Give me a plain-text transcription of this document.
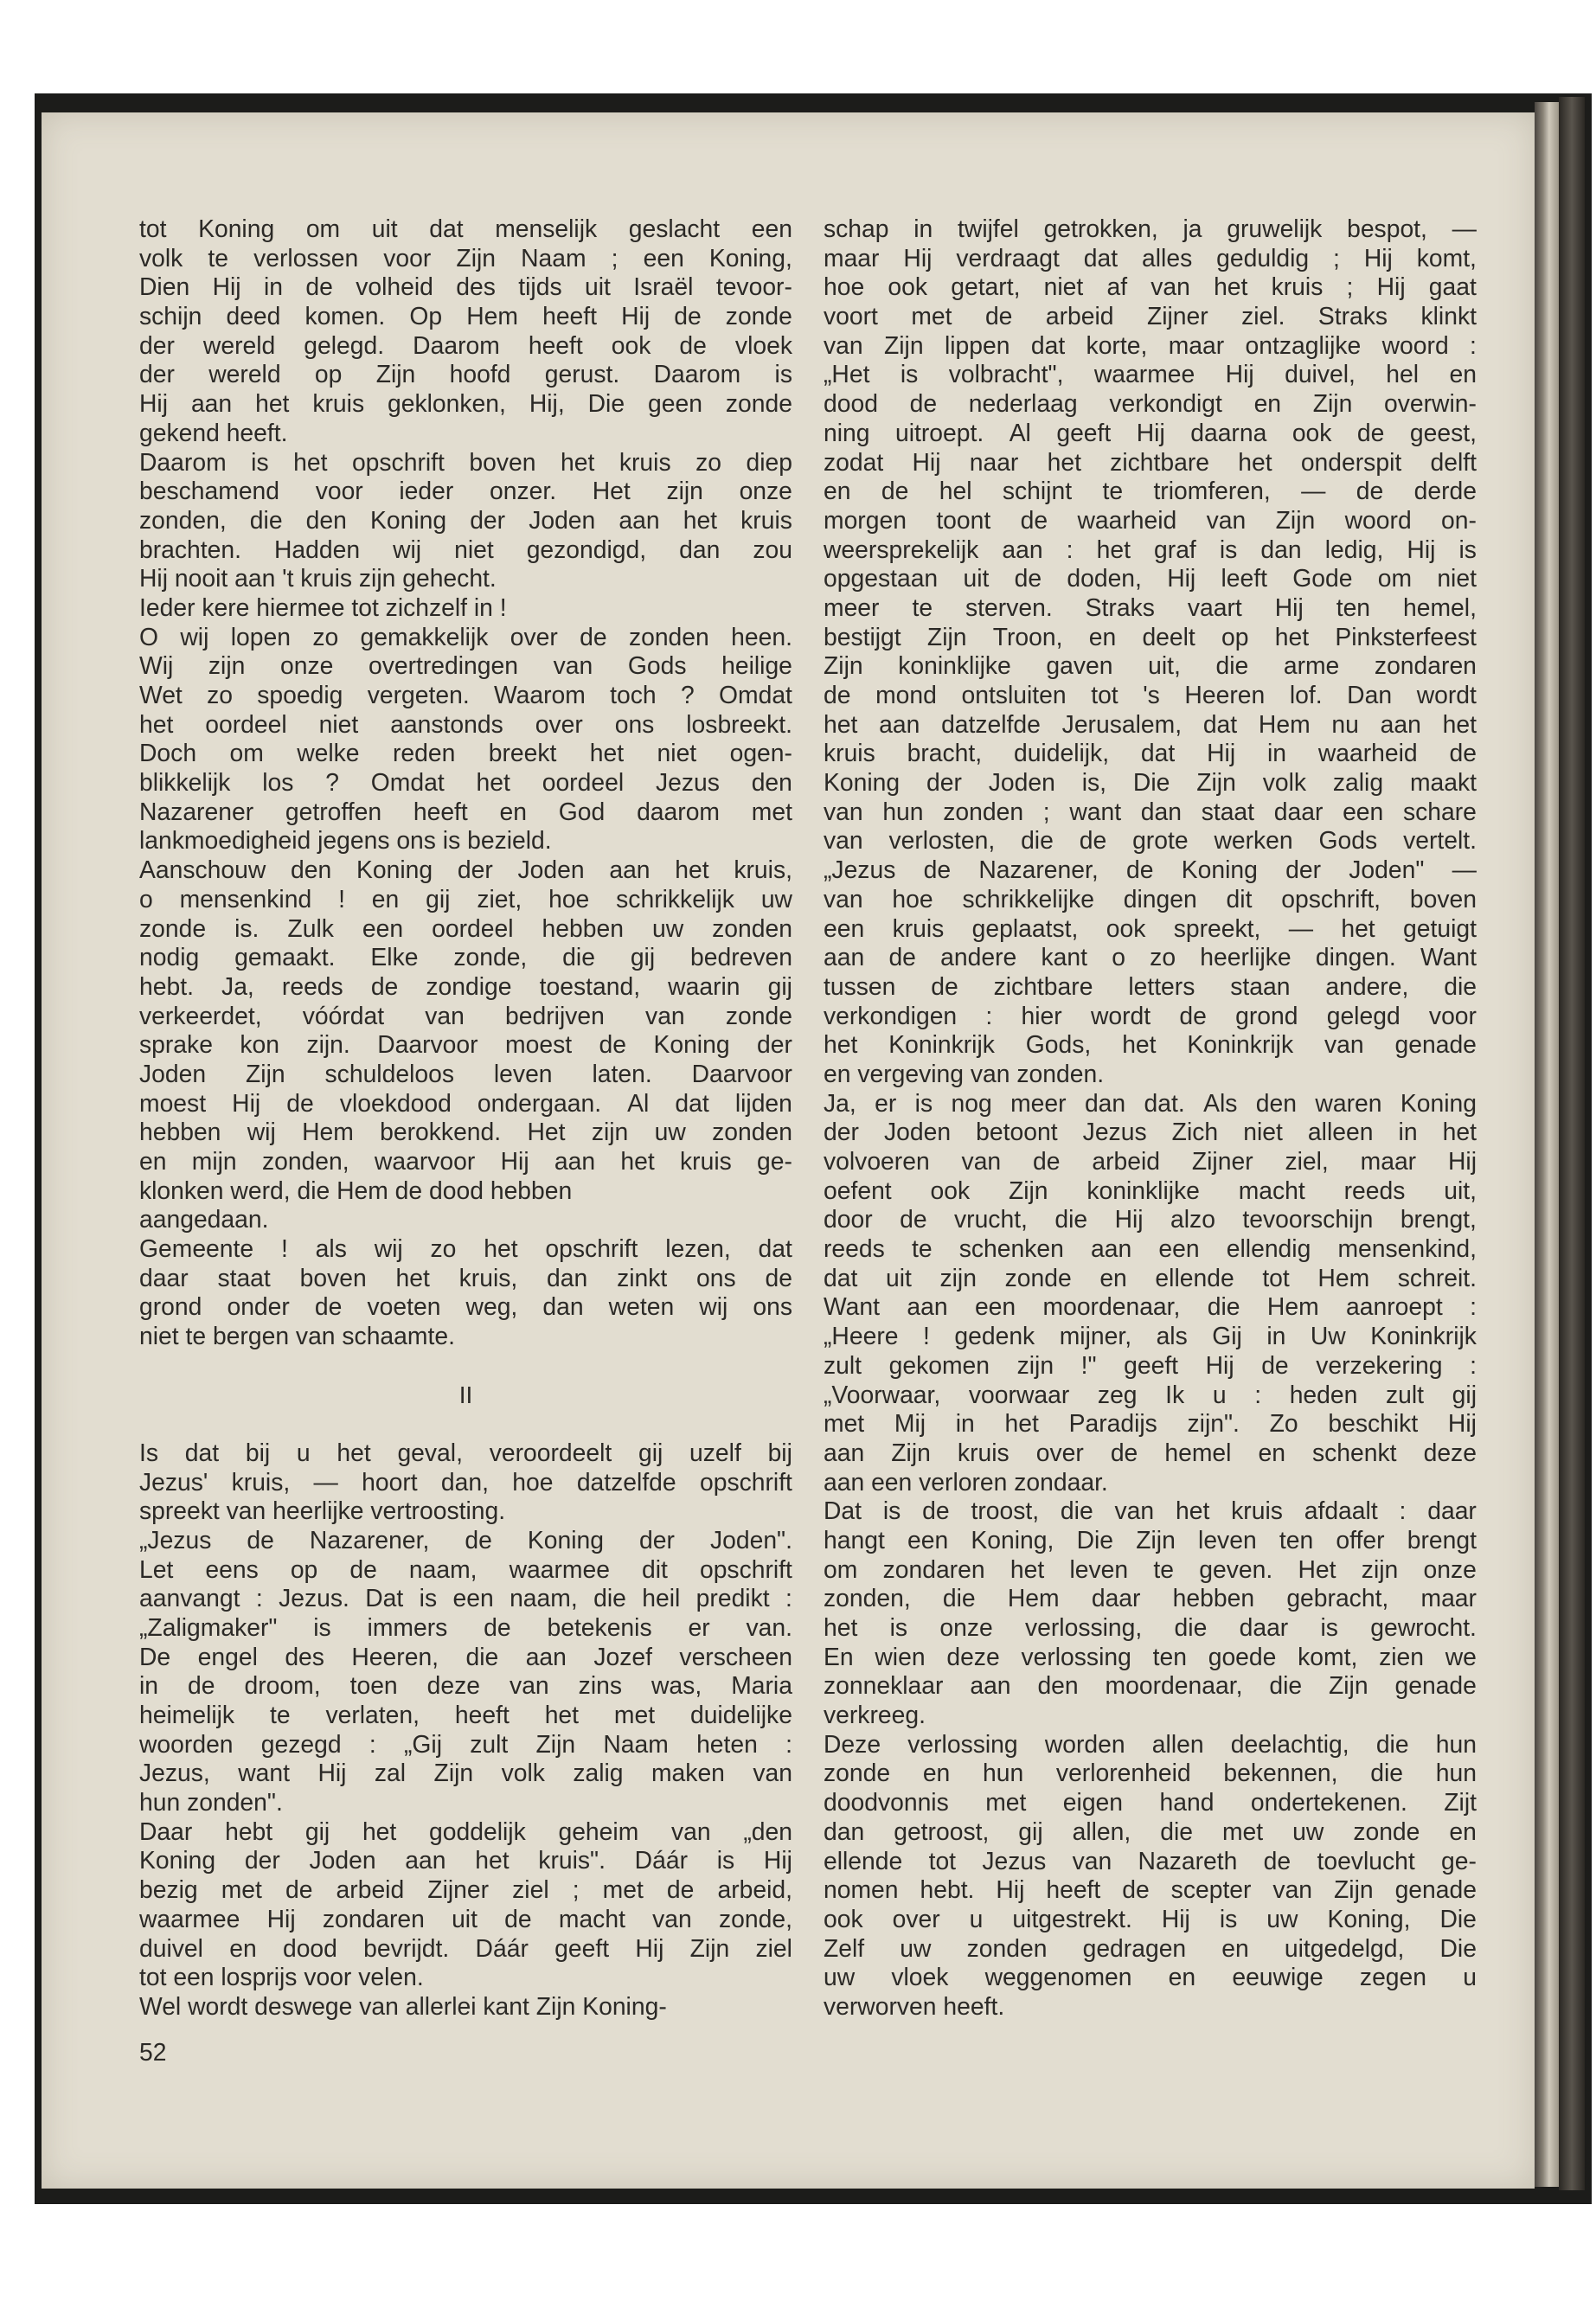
tot Koning om uit dat menselijk geslacht een
volk te verlossen voor Zijn Naam ; een Koning,
Dien Hij in de volheid des tijds uit Israël tevoor-
schijn deed komen. Op Hem heeft Hij de zonde
der wereld gelegd. Daarom heeft ook de vloek
der wereld op Zijn hoofd gerust. Daarom is
Hij aan het kruis geklonken, Hij, Die geen zonde
gekend heeft.
Daarom is het opschrift boven het kruis zo diep
beschamend voor ieder onzer. Het zijn onze
zonden, die den Koning der Joden aan het kruis
brachten. Hadden wij niet gezondigd, dan zou
Hij nooit aan 't kruis zijn gehecht.
Ieder kere hiermee tot zichzelf in !
O wij lopen zo gemakkelijk over de zonden heen.
Wij zijn onze overtredingen van Gods heilige
Wet zo spoedig vergeten. Waarom toch ? Omdat
het oordeel niet aanstonds over ons losbreekt.
Doch om welke reden breekt het niet ogen-
blikkelijk los ? Omdat het oordeel Jezus den
Nazarener getroffen heeft en God daarom met
lankmoedigheid jegens ons is bezield.
Aanschouw den Koning der Joden aan het kruis,
o mensenkind ! en gij ziet, hoe schrikkelijk uw
zonde is. Zulk een oordeel hebben uw zonden
nodig gemaakt. Elke zonde, die gij bedreven
hebt. Ja, reeds de zondige toestand, waarin gij
verkeerdet, vóórdat van bedrijven van zonde
sprake kon zijn. Daarvoor moest de Koning der
Joden Zijn schuldeloos leven laten. Daarvoor
moest Hij de vloekdood ondergaan. Al dat lijden
hebben wij Hem berokkend. Het zijn uw zonden
en mijn zonden, waarvoor Hij aan het kruis ge-
klonken werd, die Hem de dood hebben
aangedaan.
Gemeente ! als wij zo het opschrift lezen, dat
daar staat boven het kruis, dan zinkt ons de
grond onder de voeten weg, dan weten wij ons
niet te bergen van schaamte.
II
Is dat bij u het geval, veroordeelt gij uzelf bij
Jezus' kruis, — hoort dan, hoe datzelfde opschrift
spreekt van heerlijke vertroosting.
„Jezus de Nazarener, de Koning der Joden".
Let eens op de naam, waarmee dit opschrift
aanvangt : Jezus. Dat is een naam, die heil predikt :
„Zaligmaker" is immers de betekenis er van.
De engel des Heeren, die aan Jozef verscheen
in de droom, toen deze van zins was, Maria
heimelijk te verlaten, heeft het met duidelijke
woorden gezegd : „Gij zult Zijn Naam heten :
Jezus, want Hij zal Zijn volk zalig maken van
hun zonden".
Daar hebt gij het goddelijk geheim van „den
Koning der Joden aan het kruis". Dáár is Hij
bezig met de arbeid Zijner ziel ; met de arbeid,
waarmee Hij zondaren uit de macht van zonde,
duivel en dood bevrijdt. Dáár geeft Hij Zijn ziel
tot een losprijs voor velen.
Wel wordt deswege van allerlei kant Zijn Koning-
schap in twijfel getrokken, ja gruwelijk bespot, —
maar Hij verdraagt dat alles geduldig ; Hij komt,
hoe ook getart, niet af van het kruis ; Hij gaat
voort met de arbeid Zijner ziel. Straks klinkt
van Zijn lippen dat korte, maar ontzaglijke woord :
„Het is volbracht", waarmee Hij duivel, hel en
dood de nederlaag verkondigt en Zijn overwin-
ning uitroept. Al geeft Hij daarna ook de geest,
zodat Hij naar het zichtbare het onderspit delft
en de hel schijnt te triomferen, — de derde
morgen toont de waarheid van Zijn woord on-
weersprekelijk aan : het graf is dan ledig, Hij is
opgestaan uit de doden, Hij leeft Gode om niet
meer te sterven. Straks vaart Hij ten hemel,
bestijgt Zijn Troon, en deelt op het Pinksterfeest
Zijn koninklijke gaven uit, die arme zondaren
de mond ontsluiten tot 's Heeren lof. Dan wordt
het aan datzelfde Jerusalem, dat Hem nu aan het
kruis bracht, duidelijk, dat Hij in waarheid de
Koning der Joden is, Die Zijn volk zalig maakt
van hun zonden ; want dan staat daar een schare
van verlosten, die de grote werken Gods vertelt.
„Jezus de Nazarener, de Koning der Joden" —
van hoe schrikkelijke dingen dit opschrift, boven
een kruis geplaatst, ook spreekt, — het getuigt
aan de andere kant o zo heerlijke dingen. Want
tussen de zichtbare letters staan andere, die
verkondigen : hier wordt de grond gelegd voor
het Koninkrijk Gods, het Koninkrijk van genade
en vergeving van zonden.
Ja, er is nog meer dan dat. Als den waren Koning
der Joden betoont Jezus Zich niet alleen in het
volvoeren van de arbeid Zijner ziel, maar Hij
oefent ook Zijn koninklijke macht reeds uit,
door de vrucht, die Hij alzo tevoorschijn brengt,
reeds te schenken aan een ellendig mensenkind,
dat uit zijn zonde en ellende tot Hem schreit.
Want aan een moordenaar, die Hem aanroept :
„Heere ! gedenk mijner, als Gij in Uw Koninkrijk
zult gekomen zijn !" geeft Hij de verzekering :
„Voorwaar, voorwaar zeg Ik u : heden zult gij
met Mij in het Paradijs zijn". Zo beschikt Hij
aan Zijn kruis over de hemel en schenkt deze
aan een verloren zondaar.
Dat is de troost, die van het kruis afdaalt : daar
hangt een Koning, Die Zijn leven ten offer brengt
om zondaren het leven te geven. Het zijn onze
zonden, die Hem daar hebben gebracht, maar
het is onze verlossing, die daar is gewrocht.
En wien deze verlossing ten goede komt, zien we
zonneklaar aan den moordenaar, die Zijn genade
verkreeg.
Deze verlossing worden allen deelachtig, die hun
zonde en hun verlorenheid bekennen, die hun
doodvonnis met eigen hand ondertekenen. Zijt
dan getroost, gij allen, die met uw zonde en
ellende tot Jezus van Nazareth de toevlucht ge-
nomen hebt. Hij heeft de scepter van Zijn genade
ook over u uitgestrekt. Hij is uw Koning, Die
Zelf uw zonden gedragen en uitgedelgd, Die
uw vloek weggenomen en eeuwige zegen u
verworven heeft.
52
